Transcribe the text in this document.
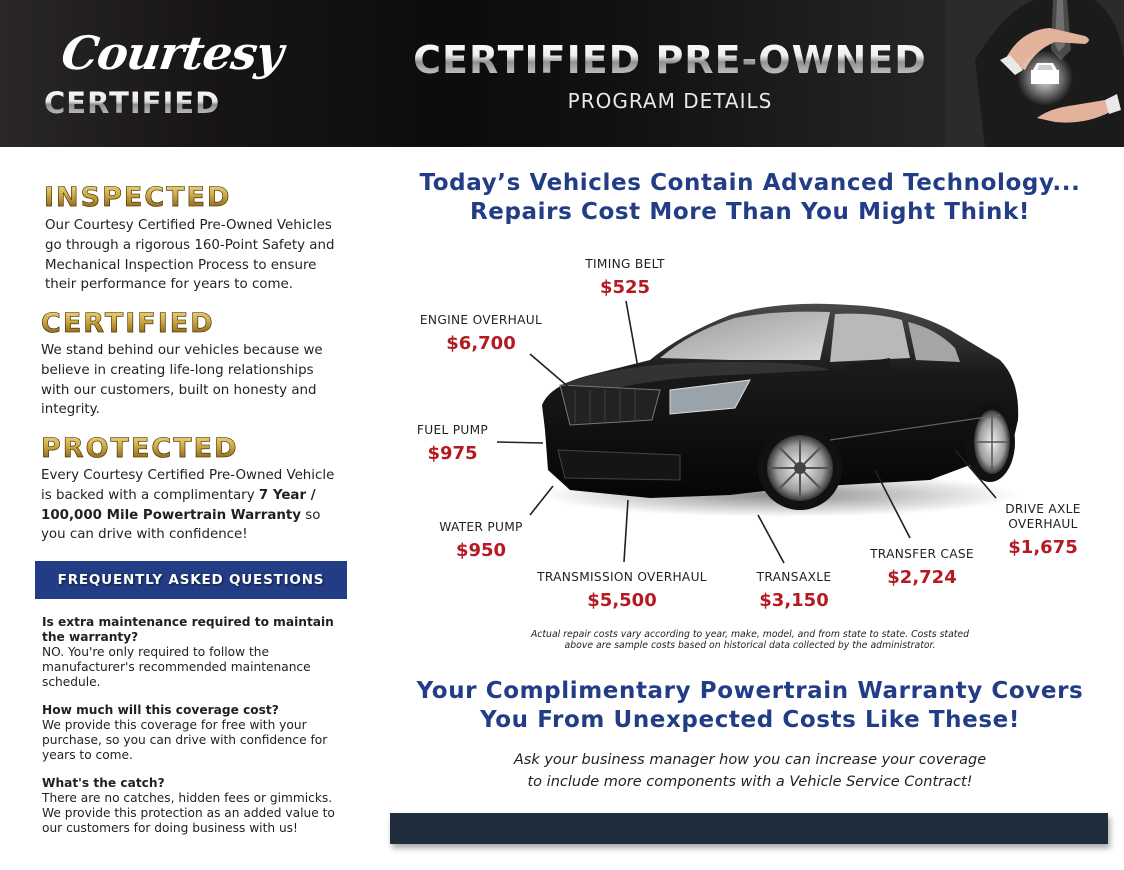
Courtesy
CERTIFIED
CERTIFIED PRE-OWNED
PROGRAM DETAILS
INSPECTED
Our Courtesy Certified Pre-Owned Vehicles go through a rigorous 160-Point Safety and Mechanical Inspection Process to ensure their performance for years to come.
CERTIFIED
We stand behind our vehicles because we believe in creating life-long relationships with our customers, built on honesty and integrity.
PROTECTED
Every Courtesy Certified Pre-Owned Vehicle is backed with a complimentary 7 Year / 100,000 Mile Powertrain Warranty so you can drive with confidence!
FREQUENTLY ASKED QUESTIONS
Is extra maintenance required to maintain the warranty?
NO. You're only required to follow the manufacturer's recommended maintenance schedule.
How much will this coverage cost?
We provide this coverage for free with your purchase, so you can drive with confidence for years to come.
What's the catch?
There are no catches, hidden fees or gimmicks. We provide this protection as an added value to our customers for doing business with us!
Today’s Vehicles Contain Advanced Technology...
Repairs Cost More Than You Might Think!
TIMING BELT
$525
ENGINE OVERHAUL
$6,700
FUEL PUMP
$975
WATER PUMP
$950
TRANSMISSION OVERHAUL
$5,500
TRANSAXLE
$3,150
TRANSFER CASE
$2,724
DRIVE AXLE
OVERHAUL
$1,675
Actual repair costs vary according to year, make, model, and from state to state. Costs stated
above are sample costs based on historical data collected by the administrator.
Your Complimentary Powertrain Warranty Covers
You From Unexpected Costs Like These!
Ask your business manager how you can increase your coverage
to include more components with a Vehicle Service Contract!
